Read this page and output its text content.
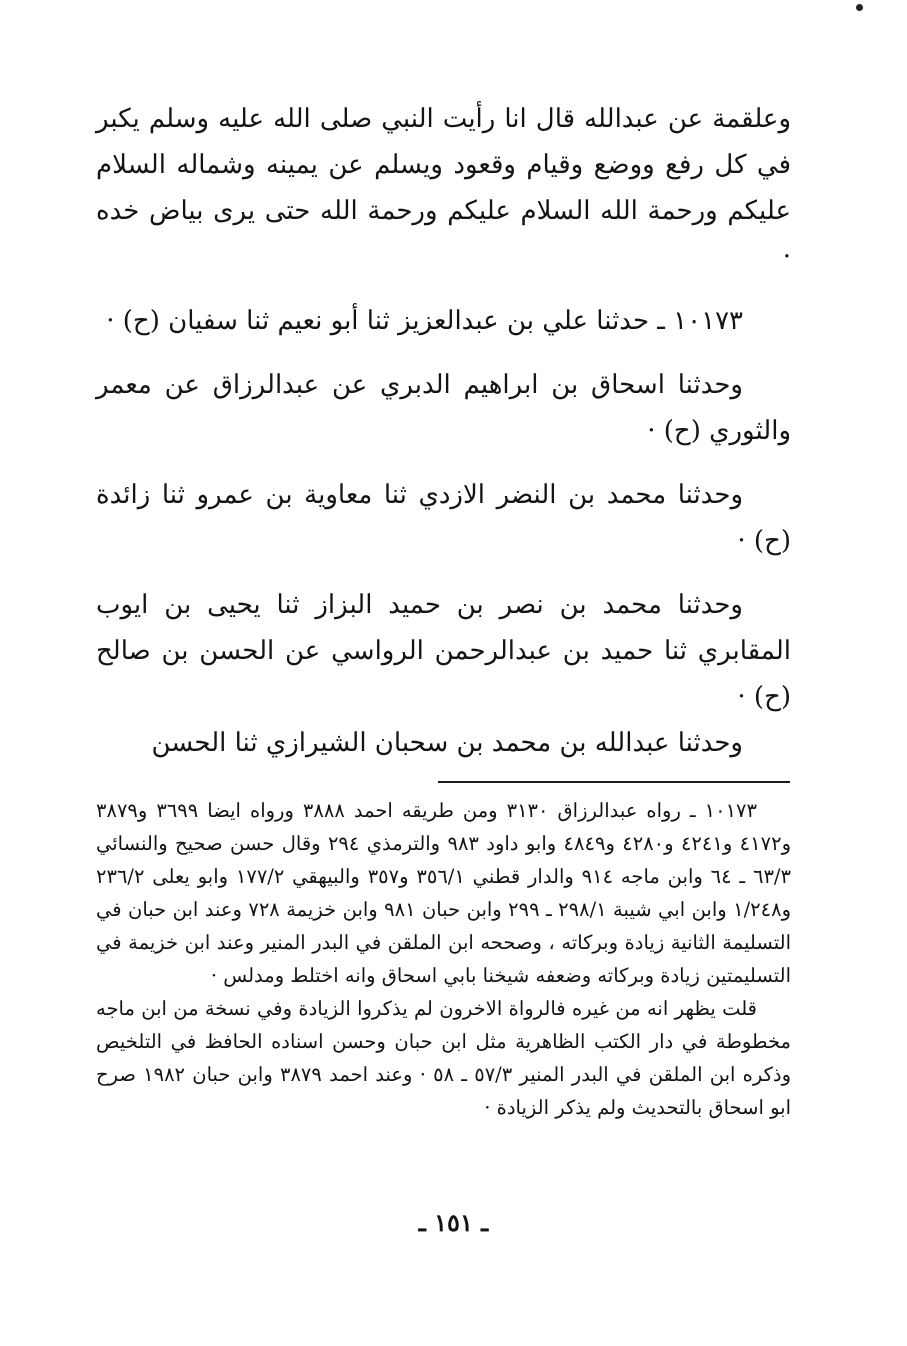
وعلقمة عن عبدالله قال انا رأيت النبي صلى الله عليه وسلم يكبر في كل رفع ووضع وقيام وقعود ويسلم عن يمينه وشماله السلام عليكم ورحمة الله السلام عليكم ورحمة الله حتى يرى بياض خده ·

١٠١٧٣ ـ حدثنا علي بن عبدالعزيز ثنا أبو نعيم ثنا سفيان (ح) ·

وحدثنا اسحاق بن ابراهيم الدبري عن عبدالرزاق عن معمر والثوري (ح) ·

وحدثنا محمد بن النضر الازدي ثنا معاوية بن عمرو ثنا زائدة (ح) ·

وحدثنا محمد بن نصر بن حميد البزاز ثنا يحيى بن ايوب المقابري ثنا حميد بن عبدالرحمن الرواسي عن الحسن بن صالح (ح) ·

وحدثنا عبدالله بن محمد بن سحبان الشيرازي ثنا الحسن

١٠١٧٣ ـ رواه عبدالرزاق ٣١٣٠ ومن طريقه احمد ٣٨٨٨ ورواه ايضا ٣٦٩٩ و٣٨٧٩ و٤١٧٢ و٤٢٤١ و٤٢٨٠ و٤٨٤٩ وابو داود ٩٨٣ والترمذي ٢٩٤ وقال حسن صحيح والنسائي ٦٣/٣ ـ ٦٤ وابن ماجه ٩١٤ والدار قطني ٣٥٦/١ و٣٥٧ والبيهقي ١٧٧/٢ وابو يعلى ٢٣٦/٢ و١/٢٤٨ وابن ابي شيبة ٢٩٨/١ ـ ٢٩٩ وابن حبان ٩٨١ وابن خزيمة ٧٢٨ وعند ابن حبان في التسليمة الثانية زيادة وبركاته ، وصححه ابن الملقن في البدر المنير وعند ابن خزيمة في التسليمتين زيادة وبركاته وضعفه شيخنا بابي اسحاق وانه اختلط ومدلس ·

قلت يظهر انه من غيره فالرواة الاخرون لم يذكروا الزيادة وفي نسخة من ابن ماجه مخطوطة في دار الكتب الظاهرية مثل ابن حبان وحسن اسناده الحافظ في التلخيص وذكره ابن الملقن في البدر المنير ٥٧/٣ ـ ٥٨ · وعند احمد ٣٨٧٩ وابن حبان ١٩٨٢ صرح ابو اسحاق بالتحديث ولم يذكر الزيادة ·

ـ ١٥١ ـ
